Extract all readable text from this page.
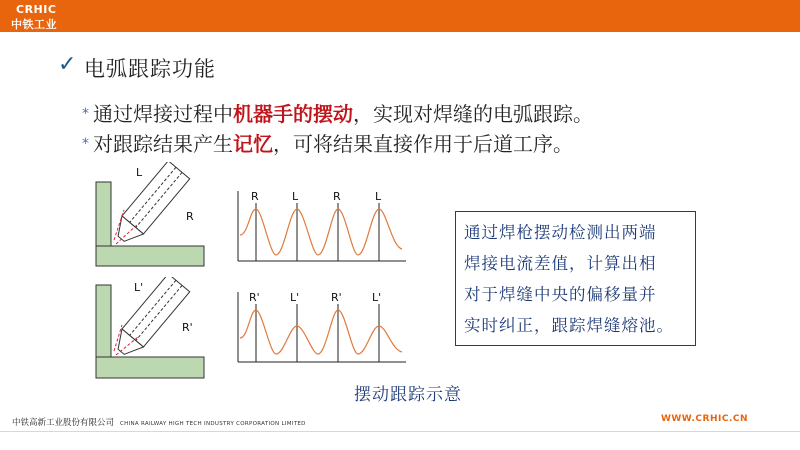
CRHIC
中铁工业
✓ 电弧跟踪功能
* 通过焊接过程中机器手的摆动，实现对焊缝的电弧跟踪。
* 对跟踪结果产生记忆，可将结果直接作用于后道工序。
L
R
L'
R'
R	L	R	L
R'	L'	R'	L'
通过焊枪摆动检测出两端
焊接电流差值，计算出相
对于焊缝中央的偏移量并
实时纠正，跟踪焊缝熔池。
摆动跟踪示意
中铁高新工业股份有限公司 CHINA RAILWAY HIGH TECH INDUSTRY CORPORATION LIMITED	WWW.CRHIC.CN
